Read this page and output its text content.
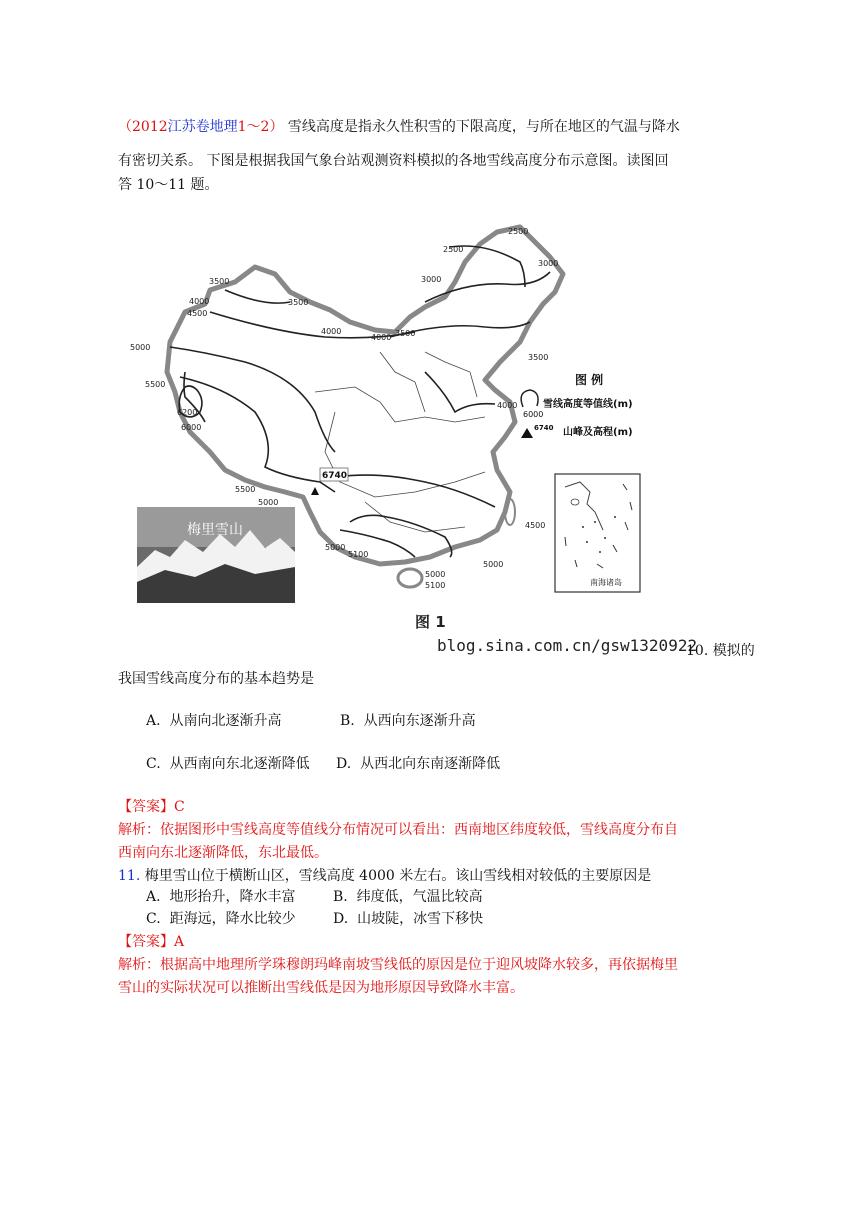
（2012江苏卷地理1～2） 雪线高度是指永久性积雪的下限高度，与所在地区的气温与降水
有密切关系。 下图是根据我国气象台站观测资料模拟的各地雪线高度分布示意图。读图回
答 10～11 题。
2500
2500
3000
3000
3500
3500
4000
4500
4000	3500
5000
4000
3500
5500
6200
6000
4000
5500
5000
5000
4500
5000
5100
5000
5100
6740
图 例
6000
雪线高度等值线(m)
6740 山峰及高程(m)
南海诸岛
梅里雪山
图 1
blog.sina.com.cn/gsw1320922
10. 模拟的
我国雪线高度分布的基本趋势是
A.  从南向北逐渐升高	B.  从西向东逐渐升高
C.  从西南向东北逐渐降低 D.  从西北向东南逐渐降低
【答案】C
解析：依据图形中雪线高度等值线分布情况可以看出：西南地区纬度较低，雪线高度分布自
西南向东北逐渐降低，东北最低。
11. 梅里雪山位于横断山区，雪线高度 4000 米左右。该山雪线相对较低的主要原因是
A.  地形抬升，降水丰富	B.  纬度低，气温比较高
C.  距海远，降水比较少	D.  山坡陡，冰雪下移快
【答案】A
解析：根据高中地理所学珠穆朗玛峰南坡雪线低的原因是位于迎风坡降水较多，再依据梅里
雪山的实际状况可以推断出雪线低是因为地形原因导致降水丰富。
